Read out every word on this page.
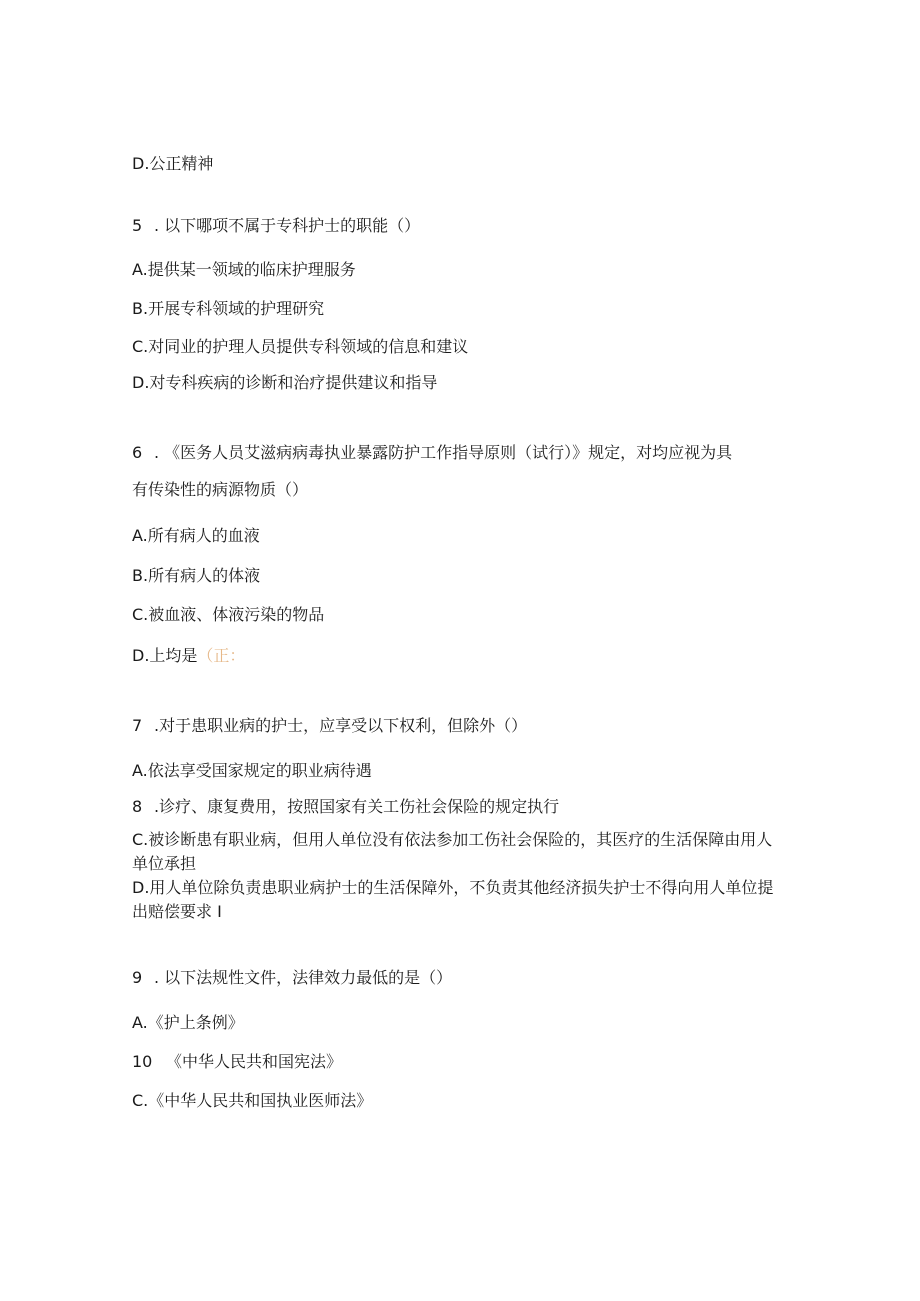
D.公正精神
5 . 以下哪项不属于专科护士的职能（）
A.提供某一领域的临床护理服务
B.开展专科领域的护理研究
C.对同业的护理人员提供专科领域的信息和建议
D.对专科疾病的诊断和治疗提供建议和指导
6 . 《医务人员艾滋病病毒执业暴露防护工作指导原则（试行）》规定，对均应视为具
有传染性的病源物质（）
A.所有病人的血液
B.所有病人的体液
C.被血液、体液污染的物品
D.上均是（正：
7 .对于患职业病的护士，应享受以下权利，但除外（）
A.依法享受国家规定的职业病待遇
8 .诊疗、康复费用，按照国家有关工伤社会保险的规定执行
C.被诊断患有职业病，但用人单位没有依法参加工伤社会保险的，其医疗的生活保障由用人单位承担
D.用人单位除负责患职业病护士的生活保障外，不负责其他经济损失护士不得向用人单位提出赔偿要求 I
9 . 以下法规性文件，法律效力最低的是（）
A.《护上条例》
10 《中华人民共和国宪法》
C.《中华人民共和国执业医师法》
